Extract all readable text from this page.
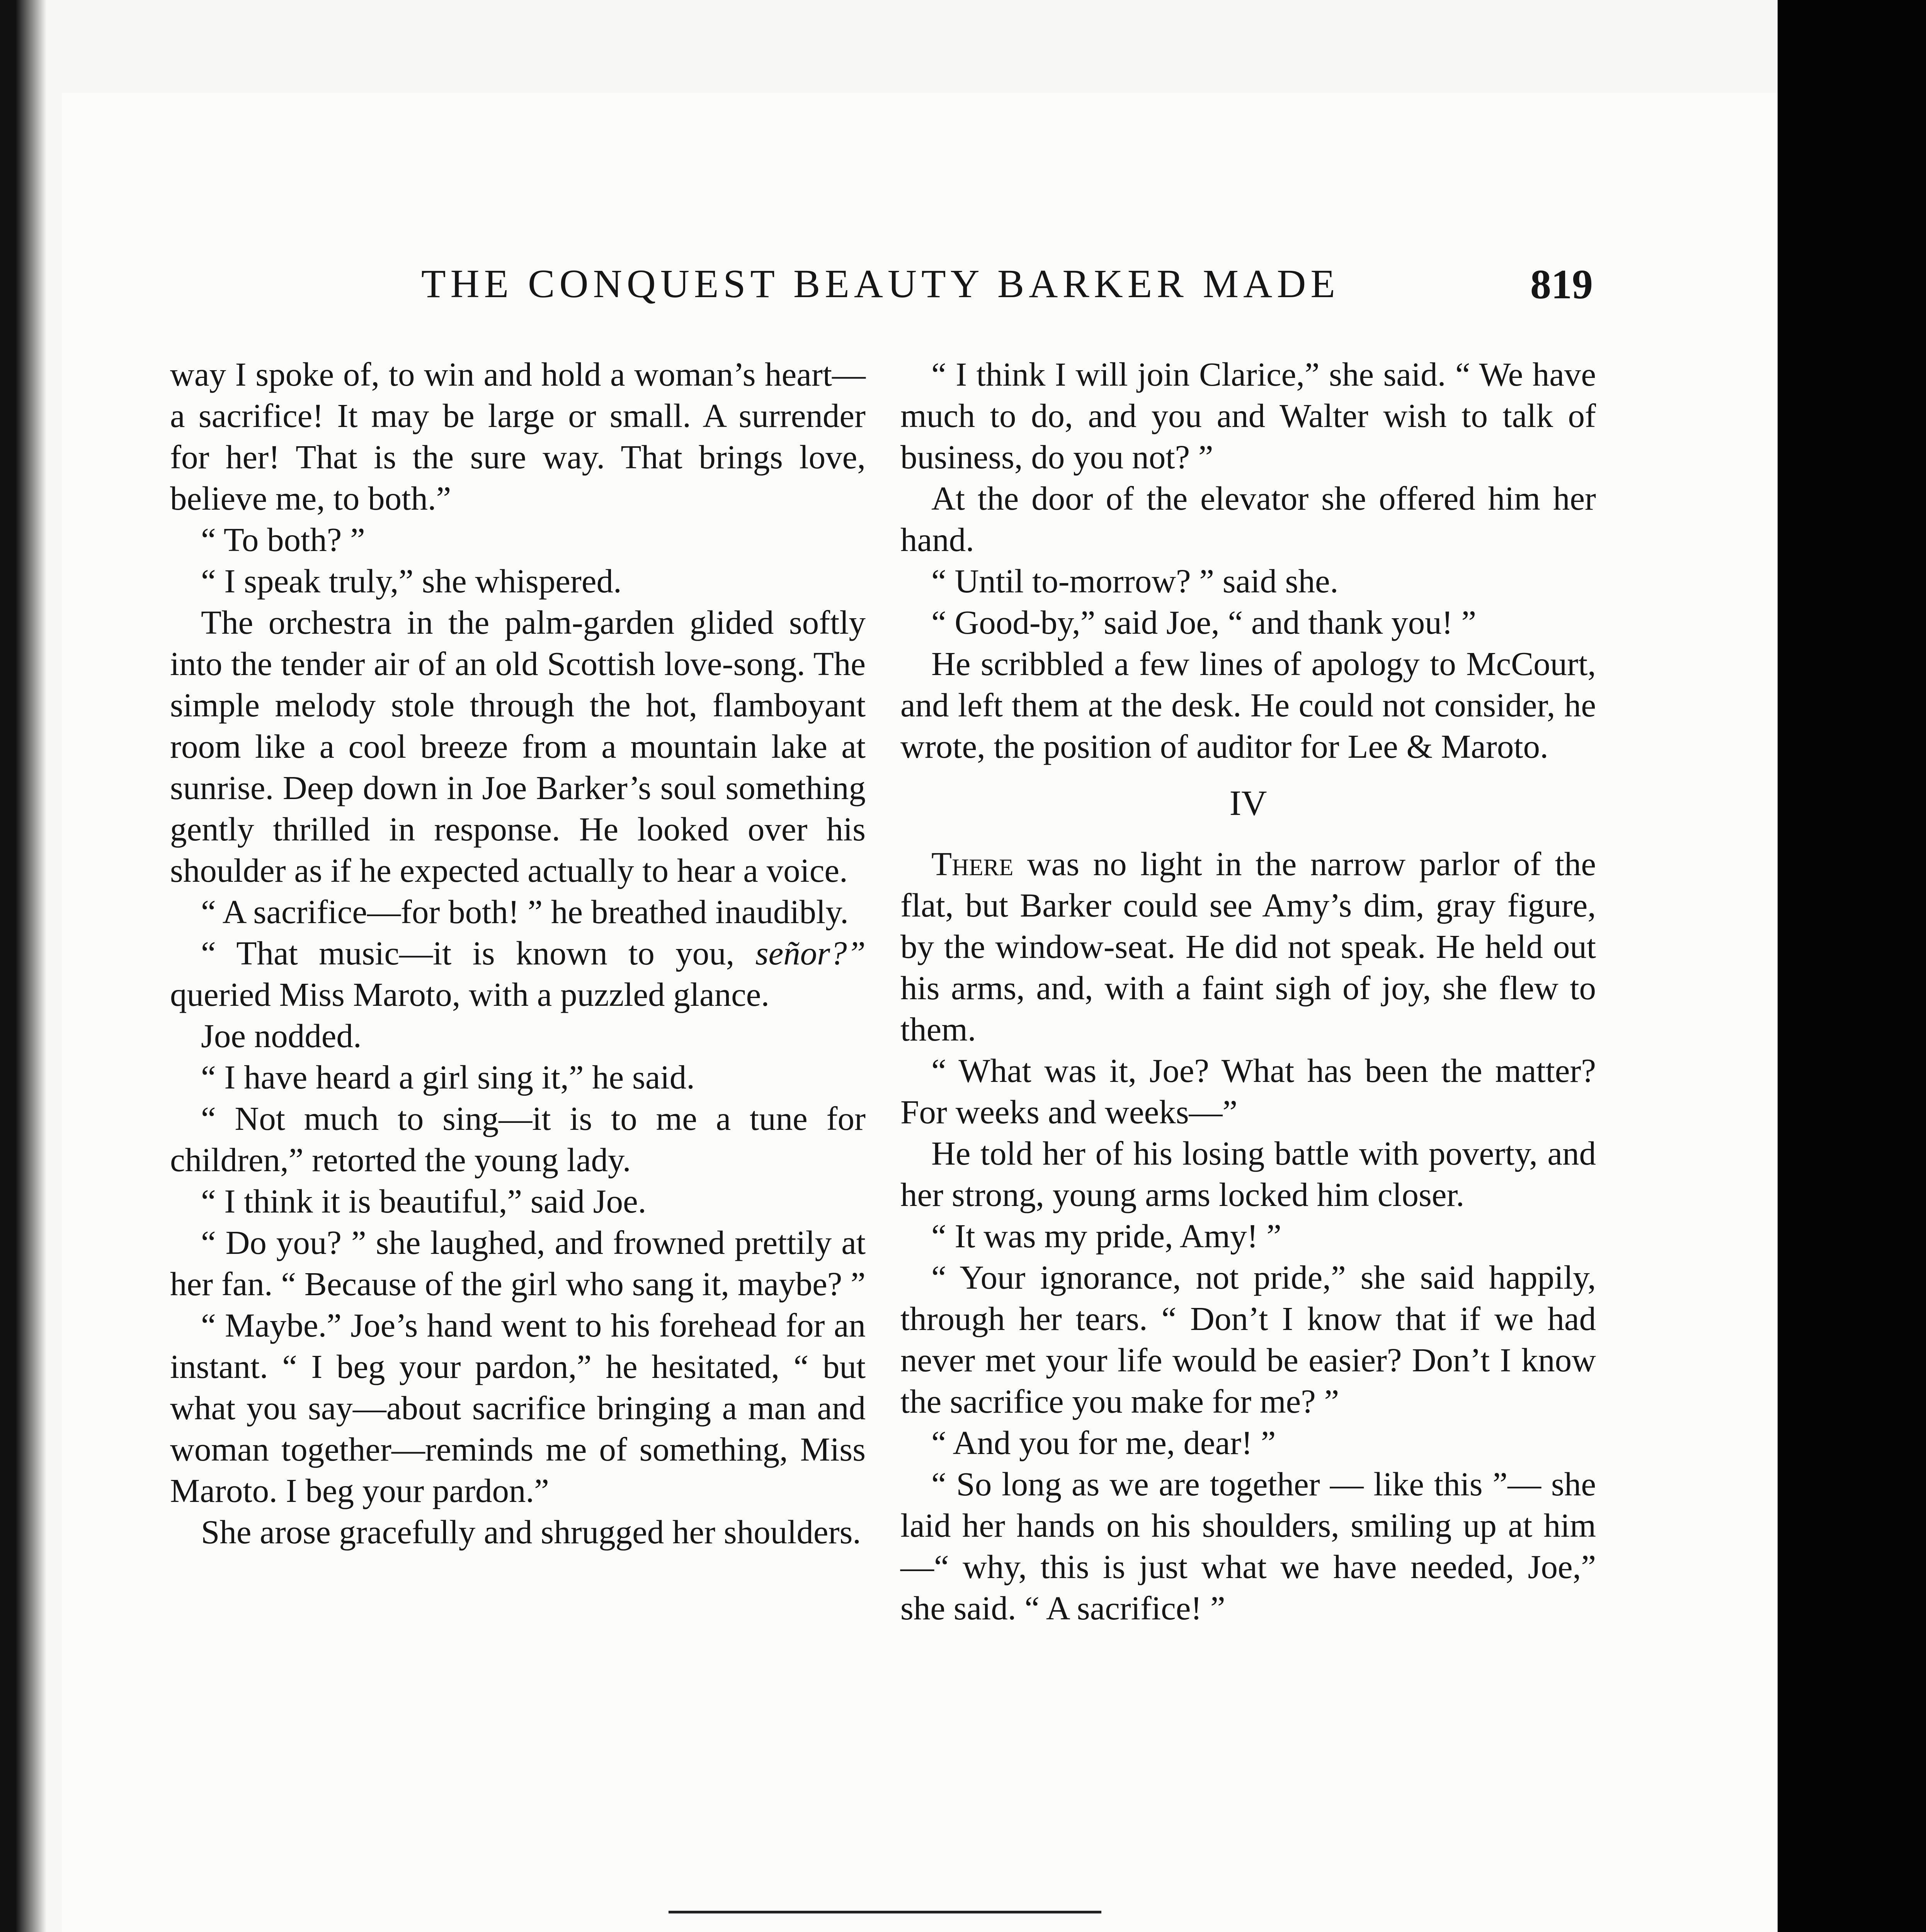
THE CONQUEST BEAUTY BARKER MADE	819

way I spoke of, to win and hold a woman’s heart—a sacrifice! It may be large or small. A surrender for her! That is the sure way. That brings love, believe me, to both.”

“ To both? ”

“ I speak truly,” she whispered.

The orchestra in the palm-garden glided softly into the tender air of an old Scottish love-song. The simple melody stole through the hot, flamboyant room like a cool breeze from a mountain lake at sunrise. Deep down in Joe Barker’s soul something gently thrilled in response. He looked over his shoulder as if he expected actually to hear a voice.

“ A sacrifice—for both! ” he breathed inaudibly.

“ That music—it is known to you, señor?” queried Miss Maroto, with a puzzled glance.

Joe nodded.

“ I have heard a girl sing it,” he said.

“ Not much to sing—it is to me a tune for children,” retorted the young lady.

“ I think it is beautiful,” said Joe.

“ Do you? ” she laughed, and frowned prettily at her fan. “ Because of the girl who sang it, maybe? ”

“ Maybe.” Joe’s hand went to his forehead for an instant. “ I beg your pardon,” he hesitated, “ but what you say—about sacrifice bringing a man and woman together—reminds me of something, Miss Maroto. I beg your pardon.”

She arose gracefully and shrugged her shoulders.

“ I think I will join Clarice,” she said. “ We have much to do, and you and Walter wish to talk of business, do you not? ”

At the door of the elevator she offered him her hand.

“ Until to-morrow? ” said she.

“ Good-by,” said Joe, “ and thank you! ”

He scribbled a few lines of apology to McCourt, and left them at the desk. He could not consider, he wrote, the position of auditor for Lee & Maroto.

IV

There was no light in the narrow parlor of the flat, but Barker could see Amy’s dim, gray figure, by the window-seat. He did not speak. He held out his arms, and, with a faint sigh of joy, she flew to them.

“ What was it, Joe? What has been the matter? For weeks and weeks—”

He told her of his losing battle with poverty, and her strong, young arms locked him closer.

“ It was my pride, Amy! ”

“ Your ignorance, not pride,” she said happily, through her tears. “ Don’t I know that if we had never met your life would be easier? Don’t I know the sacrifice you make for me? ”

“ And you for me, dear! ”

“ So long as we are together — like this ”— she laid her hands on his shoulders, smiling up at him—“ why, this is just what we have needed, Joe,” she said. “ A sacrifice! ”
